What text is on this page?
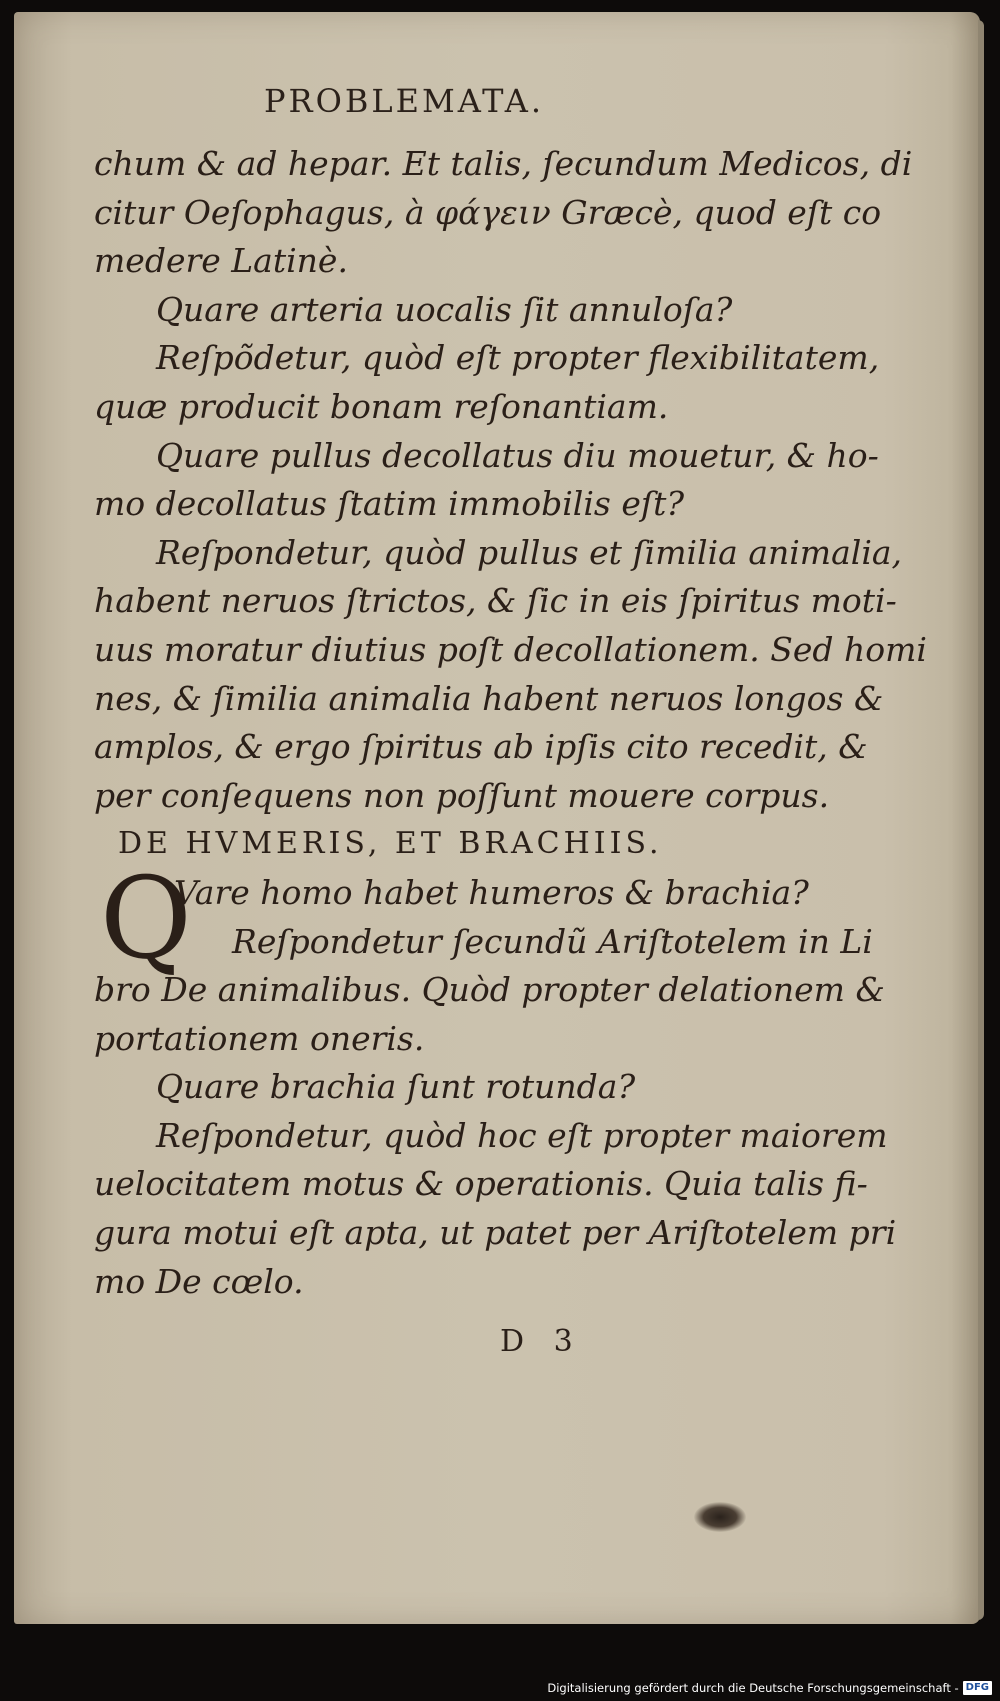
PROBLEMATA.
chum & ad hepar. Et talis, ſecundum Medicos, di
citur Oeſophagus, à φάγειν Græcè, quod eſt co
medere Latinè.
Quare arteria uocalis ſit annuloſa?
Reſpõdetur, quòd eſt propter flexibilitatem,
quæ producit bonam reſonantiam.
Quare pullus decollatus diu mouetur, & ho-
mo decollatus ſtatim immobilis eſt?
Reſpondetur, quòd pullus et ſimilia animalia,
habent neruos ſtrictos, & ſic in eis ſpiritus moti-
uus moratur diutius poſt decollationem. Sed homi
nes, & ſimilia animalia habent neruos longos &
amplos, & ergo ſpiritus ab ipſis cito recedit, &
per conſequens non poſſunt mouere corpus.
DE HVMERIS, ET BRACHIIS.
Q
Vare homo habet humeros & brachia?
Reſpondetur ſecundũ Ariſtotelem in Li
bro De animalibus. Quòd propter delationem &
portationem oneris.
Quare brachia ſunt rotunda?
Reſpondetur, quòd hoc eſt propter maiorem
uelocitatem motus & operationis. Quia talis fi-
gura motui eſt apta, ut patet per Ariſtotelem pri
mo De cœlo.
D 3
Digitalisierung gefördert durch die Deutsche Forschungsgemeinschaft - DFG
